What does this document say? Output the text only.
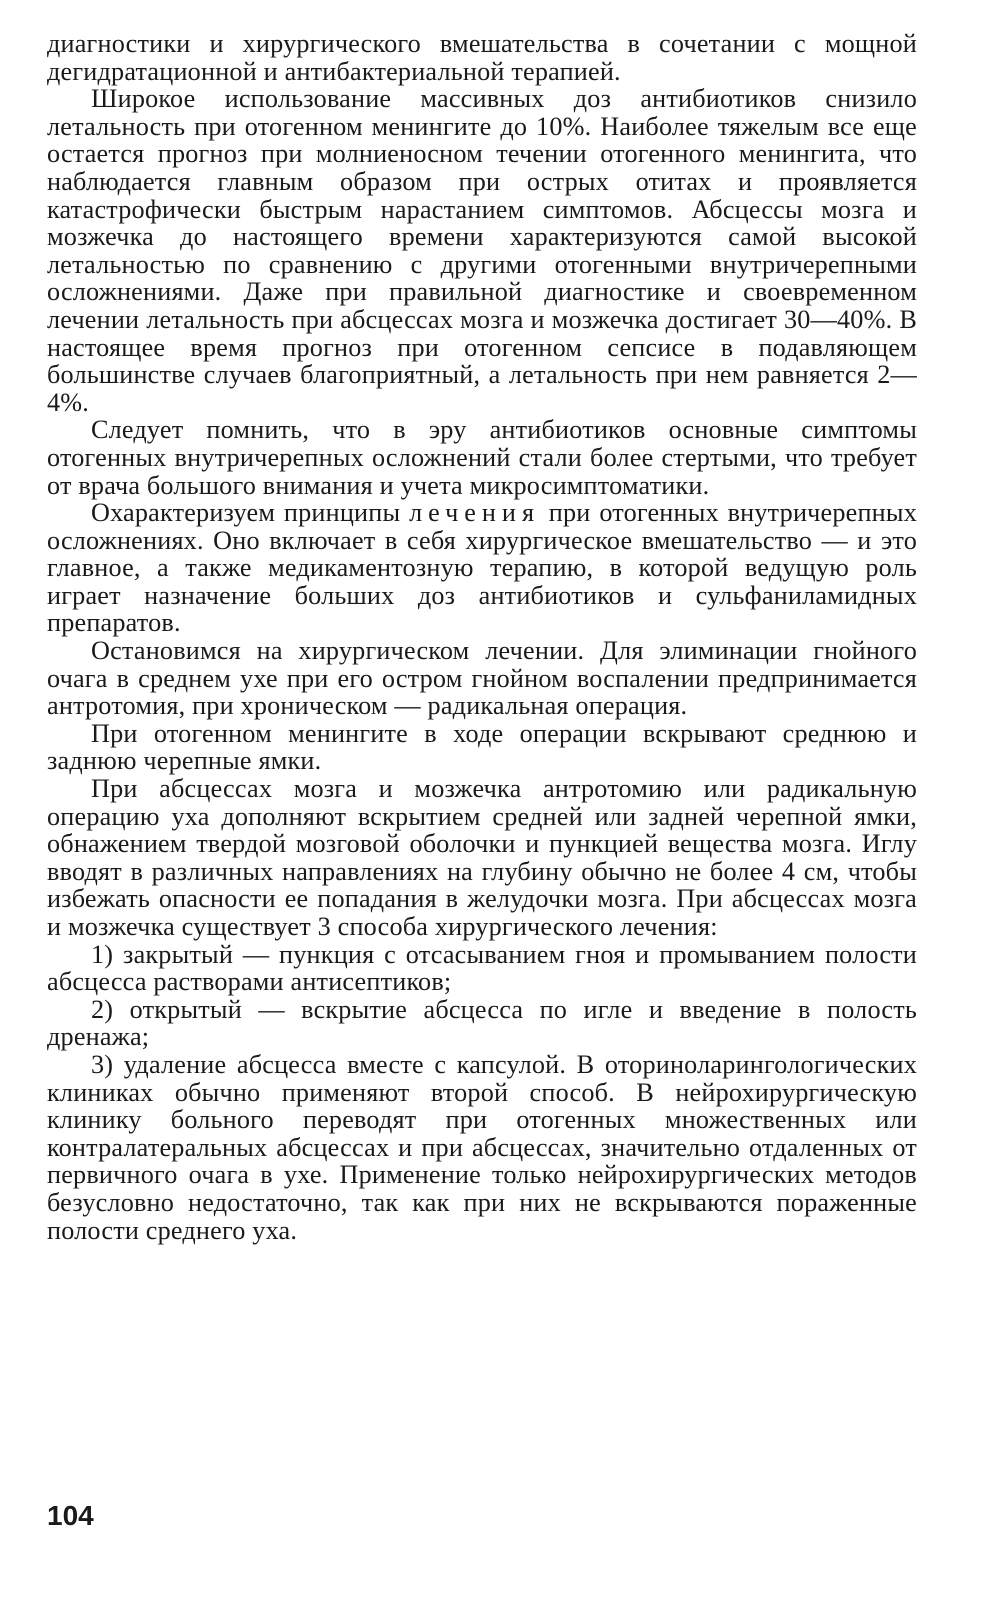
диагностики и хирургического вмешательства в сочетании с мощной дегидратационной и антибактериальной терапией.

Широкое использование массивных доз антибиотиков снизило летальность при отогенном менингите до 10%. Наиболее тяжелым все еще остается прогноз при молниеносном течении отогенного менингита, что наблюдается главным образом при острых отитах и проявляется катастрофически быстрым нарастанием симптомов. Абсцессы мозга и мозжечка до настоящего времени характеризуются самой высокой летальностью по сравнению с другими отогенными внутричерепными осложнениями. Даже при правильной диагностике и своевременном лечении летальность при абсцессах мозга и мозжечка достигает 30—40%. В настоящее время прогноз при отогенном сепсисе в подавляющем большинстве случаев благоприятный, а летальность при нем равняется 2—4%.

Следует помнить, что в эру антибиотиков основные симптомы отогенных внутричерепных осложнений стали более стертыми, что требует от врача большого внимания и учета микросимптоматики.

Охарактеризуем принципы лечения при отогенных внутричерепных осложнениях. Оно включает в себя хирургическое вмешательство — и это главное, а также медикаментозную терапию, в которой ведущую роль играет назначение больших доз антибиотиков и сульфаниламидных препаратов.

Остановимся на хирургическом лечении. Для элиминации гнойного очага в среднем ухе при его остром гнойном воспалении предпринимается антротомия, при хроническом — радикальная операция.

При отогенном менингите в ходе операции вскрывают среднюю и заднюю черепные ямки.

При абсцессах мозга и мозжечка антротомию или радикальную операцию уха дополняют вскрытием средней или задней черепной ямки, обнажением твердой мозговой оболочки и пункцией вещества мозга. Иглу вводят в различных направлениях на глубину обычно не более 4 см, чтобы избежать опасности ее попадания в желудочки мозга. При абсцессах мозга и мозжечка существует 3 способа хирургического лечения:

1) закрытый — пункция с отсасыванием гноя и промыванием полости абсцесса растворами антисептиков;

2) открытый — вскрытие абсцесса по игле и введение в полость дренажа;

3) удаление абсцесса вместе с капсулой. В оториноларингологических клиниках обычно применяют второй способ. В нейрохирургическую клинику больного переводят при отогенных множественных или контралатеральных абсцессах и при абсцессах, значительно отдаленных от первичного очага в ухе. Применение только нейрохирургических методов безусловно недостаточно, так как при них не вскрываются пораженные полости среднего уха.

104
